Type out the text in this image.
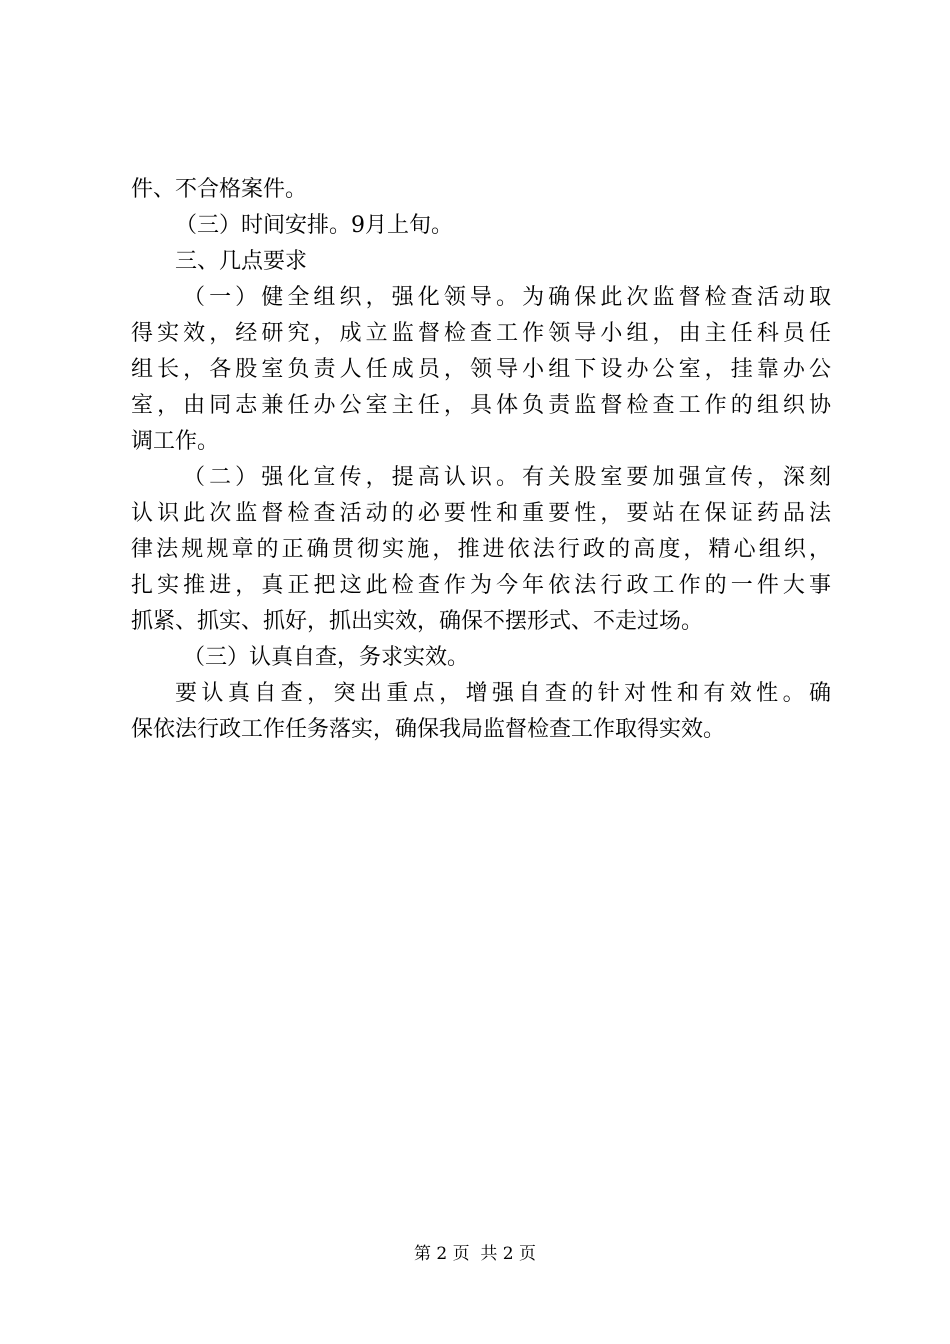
件、不合格案件。
（三）时间安排。9月上旬。
三、几点要求
（一）健全组织，强化领导。为确保此次监督检查活动取
得实效，经研究，成立监督检查工作领导小组，由主任科员任
组长，各股室负责人任成员，领导小组下设办公室，挂靠办公
室，由同志兼任办公室主任，具体负责监督检查工作的组织协
调工作。
（二）强化宣传，提高认识。有关股室要加强宣传，深刻
认识此次监督检查活动的必要性和重要性，要站在保证药品法
律法规规章的正确贯彻实施，推进依法行政的高度，精心组织，
扎实推进，真正把这此检查作为今年依法行政工作的一件大事
抓紧、抓实、抓好，抓出实效，确保不摆形式、不走过场。
（三）认真自查，务求实效。
要认真自查，突出重点，增强自查的针对性和有效性。确
保依法行政工作任务落实，确保我局监督检查工作取得实效。
第 2 页  共 2 页
